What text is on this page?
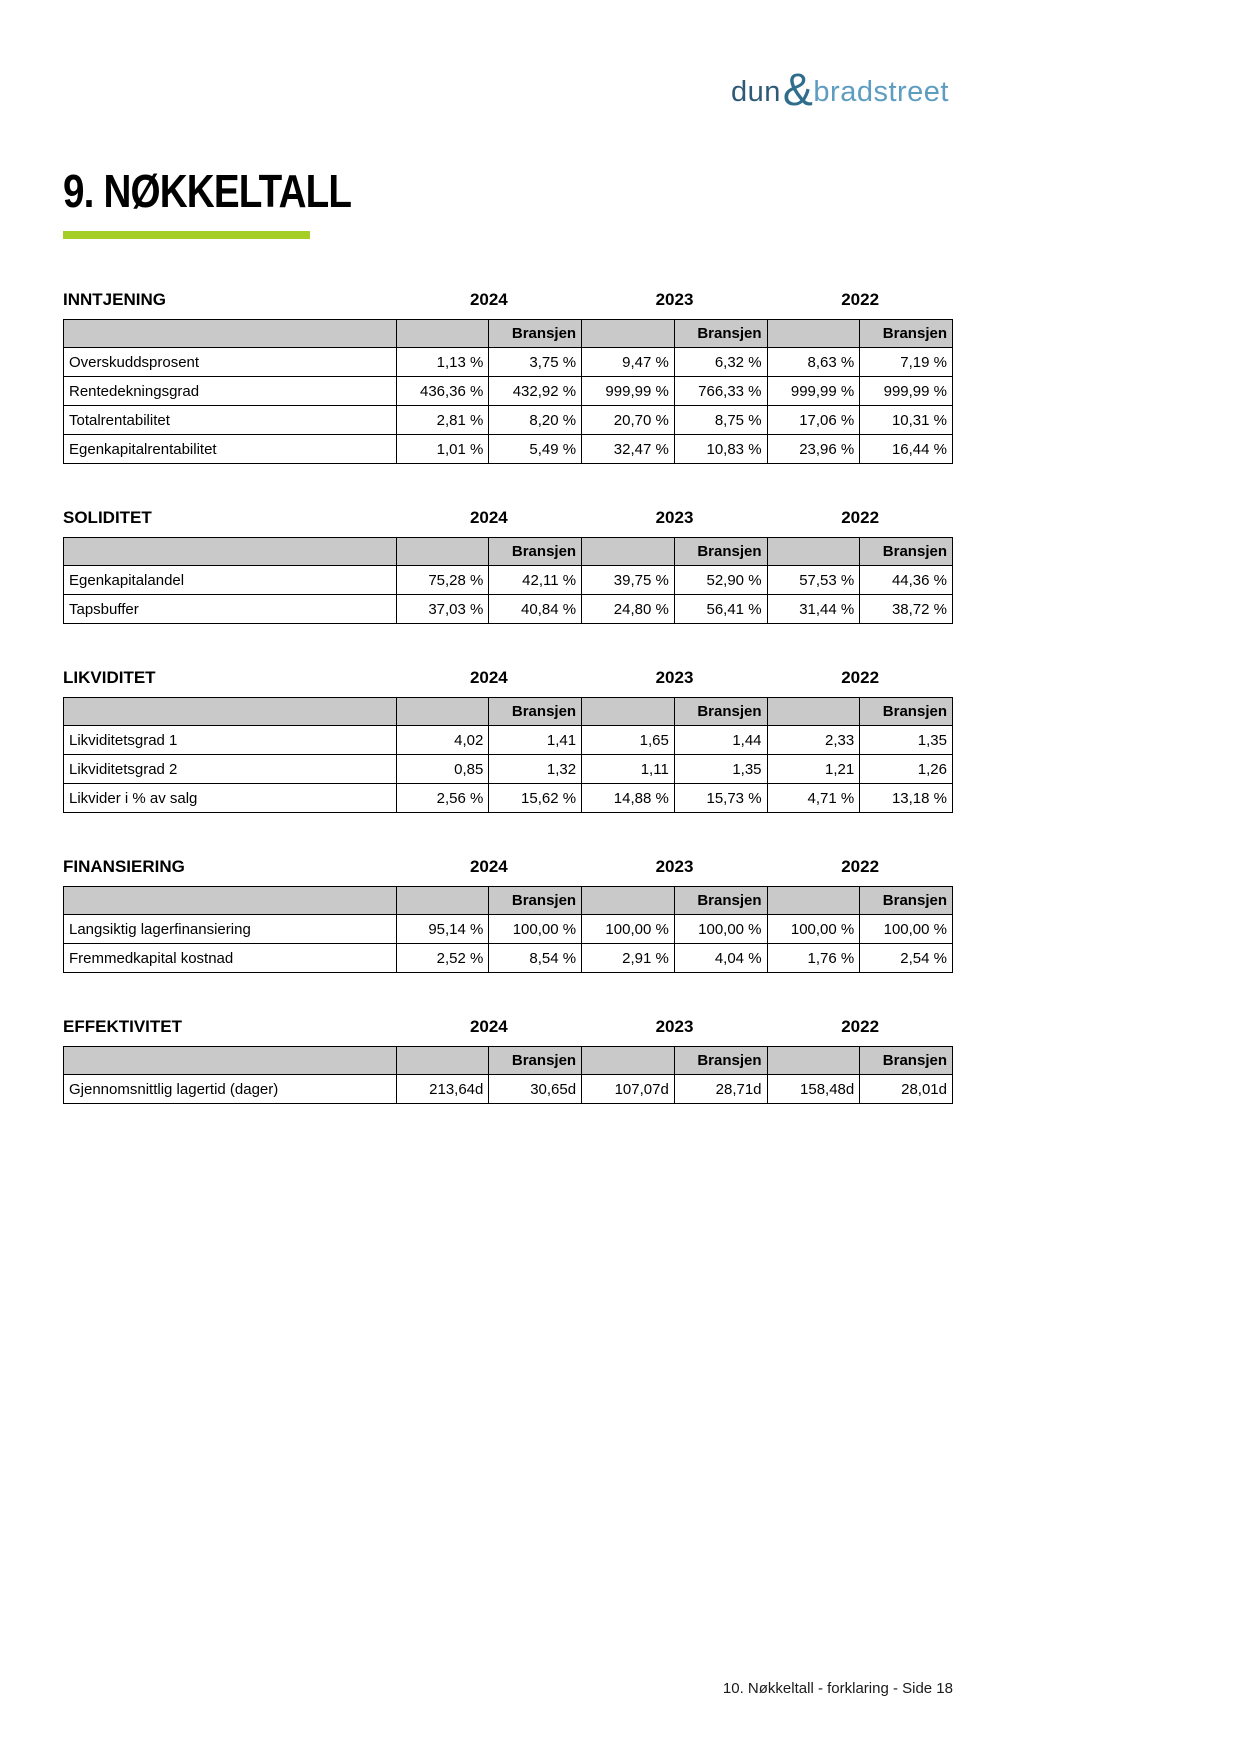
dun & bradstreet
9. NØKKELTALL
INNTJENING	2024	2023	2022
		Bransjen		Bransjen		Bransjen
Overskuddsprosent	1,13 %	3,75 %	9,47 %	6,32 %	8,63 %	7,19 %
Rentedekningsgrad	436,36 %	432,92 %	999,99 %	766,33 %	999,99 %	999,99 %
Totalrentabilitet	2,81 %	8,20 %	20,70 %	8,75 %	17,06 %	10,31 %
Egenkapitalrentabilitet	1,01 %	5,49 %	32,47 %	10,83 %	23,96 %	16,44 %
SOLIDITET	2024	2023	2022
		Bransjen		Bransjen		Bransjen
Egenkapitalandel	75,28 %	42,11 %	39,75 %	52,90 %	57,53 %	44,36 %
Tapsbuffer	37,03 %	40,84 %	24,80 %	56,41 %	31,44 %	38,72 %
LIKVIDITET	2024	2023	2022
		Bransjen		Bransjen		Bransjen
Likviditetsgrad 1	4,02	1,41	1,65	1,44	2,33	1,35
Likviditetsgrad 2	0,85	1,32	1,11	1,35	1,21	1,26
Likvider i % av salg	2,56 %	15,62 %	14,88 %	15,73 %	4,71 %	13,18 %
FINANSIERING	2024	2023	2022
		Bransjen		Bransjen		Bransjen
Langsiktig lagerfinansiering	95,14 %	100,00 %	100,00 %	100,00 %	100,00 %	100,00 %
Fremmedkapital kostnad	2,52 %	8,54 %	2,91 %	4,04 %	1,76 %	2,54 %
EFFEKTIVITET	2024	2023	2022
		Bransjen		Bransjen		Bransjen
Gjennomsnittlig lagertid (dager)	213,64d	30,65d	107,07d	28,71d	158,48d	28,01d
10. Nøkkeltall - forklaring - Side 18
